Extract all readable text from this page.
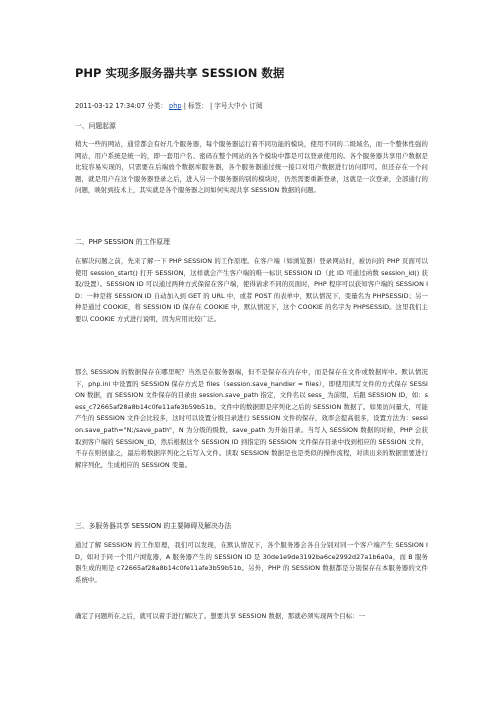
PHP 实现多服务器共享 SESSION 数据
2011-03-12 17:34:07 分类： php | 标签： | 字号大中小 订阅
一、问题起源
稍大一些的网站，通常都会有好几个服务器，每个服务器运行着不同功能的模块，使用不同的二级域名，而一个整体性强的网站，用户系统是统一的，即一套用户名、密码在整个网站的各个模块中都是可以登录使用的。各个服务器共享用户数据是比较容易实现的，只需要在后端放个数据库服务器，各个服务器通过统一接口对用户数据进行访问即可。但还存在一个问题，就是用户在这个服务器登录之后，进入另一个服务器的别的模块时，仍然需要重新登录，这就是一次登录，全部通行的问题，映射到技术上，其实就是各个服务器之间如何实现共享 SESSION 数据的问题。
二、PHP SESSION 的工作原理
在解决问题之前，先来了解一下 PHP SESSION 的工作原理。在客户端（如浏览器）登录网站时，被访问的 PHP 页面可以使用 session_start() 打开 SESSION，这样就会产生客户端的唯一标识 SESSION ID（此 ID 可通过函数 session_id() 获取/设置）。SESSION ID 可以通过两种方式保留在客户端，使得请求不同的页面时，PHP 程序可以获知客户端的 SESSION ID：一种是将 SESSION ID 自动加入到 GET 的 URL 中，或者 POST 的表单中，默认情况下，变量名为 PHPSESSID；另一种是通过 COOKIE，将 SESSION ID 保存在 COOKIE 中，默认情况下，这个 COOKIE 的名字为 PHPSESSID。这里我们主要以 COOKIE 方式进行说明，因为应用比较广泛。
那么 SESSION 的数据保存在哪里呢？当然是在服务器端，但不是保存在内存中，而是保存在文件或数据库中。默认情况下，php.ini 中设置的 SESSION 保存方式是 files（session.save_handler = files），即使用读写文件的方式保存 SESSION 数据，而 SESSION 文件保存的目录由 session.save_path 指定，文件名以 sess_ 为前缀，后跟 SESSION ID，如：sess_c72665af28a8b14c0fe11afe3b59b51b。文件中的数据即是序列化之后的 SESSION 数据了。如果访问量大，可能产生的 SESSION 文件会比较多，这时可以设置分级目录进行 SESSION 文件的保存，效率会提高很多，设置方法为：session.save_path="N;/save_path"，N 为分级的级数，save_path 为开始目录。当写入 SESSION 数据的时候，PHP 会获取到客户端的 SESSION_ID，然后根据这个 SESSION ID 到指定的 SESSION 文件保存目录中找到相应的 SESSION 文件，不存在则创建之，最后将数据序列化之后写入文件。读取 SESSION 数据是也是类似的操作流程，对读出来的数据需要进行解序列化，生成相应的 SESSION 变量。
三、多服务器共享 SESSION 的主要障碍及解决办法
通过了解 SESSION 的工作原理，我们可以发现，在默认情况下，各个服务器会各自分别对同一个客户端产生 SESSION ID，如对于同一个用户浏览器，A 服务器产生的 SESSION ID 是 30de1e9de3192ba6ce2992d27a1b6a0a，而 B 服务器生成的则是 c72665af28a8b14c0fe11afe3b59b51b。另外，PHP 的 SESSION 数据都是分别保存在本服务器的文件系统中。
确定了问题所在之后，就可以着手进行解决了。想要共享 SESSION 数据，那就必须实现两个目标：一
